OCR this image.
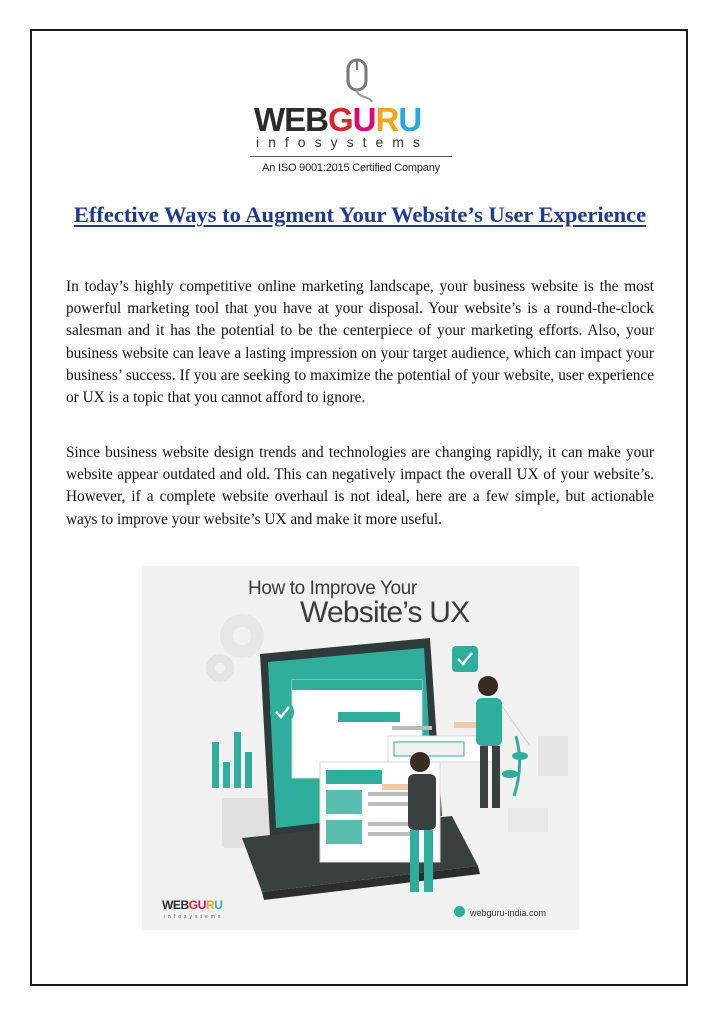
WEBGURU
infosystems
An ISO 9001:2015 Certified Company
Effective Ways to Augment Your Website’s User Experience

In today’s highly competitive online marketing landscape, your business website is the most powerful marketing tool that you have at your disposal. Your website’s is a round-the-clock salesman and it has the potential to be the centerpiece of your marketing efforts. Also, your business website can leave a lasting impression on your target audience, which can impact your business’ success. If you are seeking to maximize the potential of your website, user experience or UX is a topic that you cannot afford to ignore.

Since business website design trends and technologies are changing rapidly, it can make your website appear outdated and old. This can negatively impact the overall UX of your website’s. However, if a complete website overhaul is not ideal, here are a few simple, but actionable ways to improve your website’s UX and make it more useful.

How to Improve Your
Website’s UX
WEBGURU
infosystems	webguru-india.com
